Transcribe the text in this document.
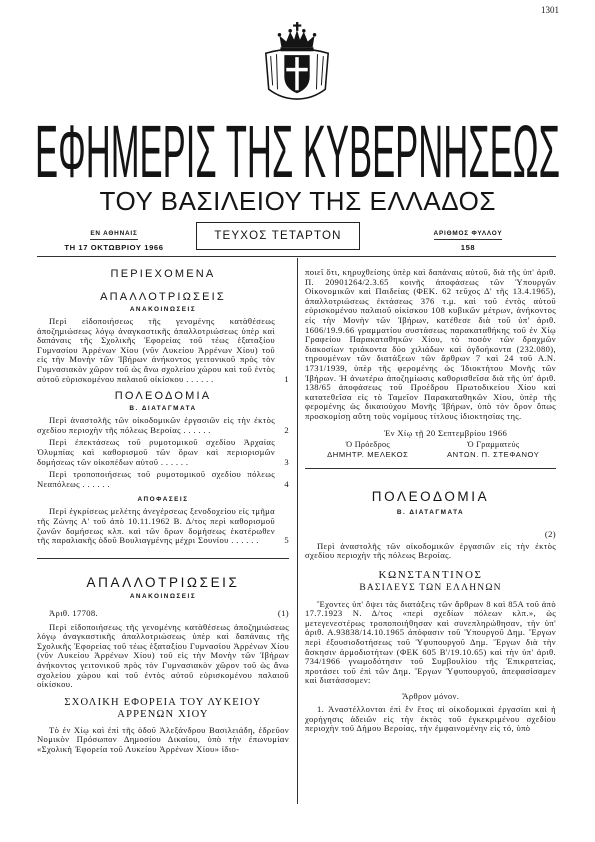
1301
ΕΦΗΜΕΡΙΣ ΤΗΣ ΚΥΒΕΡΝΗΣΕΩΣ
ΤΟΥ ΒΑΣΙΛΕΙΟΥ ΤΗΣ ΕΛΛΑΔΟΣ
ΕΝ ΑΘΗΝΑΙΣ
ΤΗ 17 ΟΚΤΩΒΡΙΟΥ 1966
ΤΕΥΧΟΣ ΤΕΤΑΡΤΟΝ	ΑΡΙΘΜΟΣ ΦΥΛΛΟΥ
158
ΠΕΡΙΕΧΟΜΕΝΑ
ΑΠΑΛΛΟΤΡΙΩΣΕΙΣ
ΑΝΑΚΟΙΝΩΣΕΙΣ
Περὶ εἰδοποιήσεως τῆς γενομένης κατὰθέσεως ἀποζημιώσεως λόγῳ ἀναγκαστικῆς ἀπαλλοτριώσεως ὑπὲρ καὶ δαπάναις τῆς Σχολικῆς Ἐφορείας τοῦ τέως ἑξαταξίου Γυμνασίου Ἀρρένων Χίου (νῦν Λυκείου Ἀρρένων Χίου) τοῦ εἰς τὴν Μονὴν τῶν Ἰβήρων ἀνήκοντος γειτονικοῦ πρὸς τὸν Γυμνασιακὸν χῶρον τοῦ ὡς ἄνω σχολείου χώρου καὶ τοῦ ἐντὸς αὐτοῦ εὑρισκομένου παλαιοῦ οἰκίσκου . . .	1
ΠΟΛΕΟΔΟΜΙΑ
Β. ΔΙΑΤΑΓΜΑΤΑ
Περὶ ἀναστολῆς τῶν οἰκοδομικῶν ἐργασιῶν εἰς τὴν ἐκτὸς σχεδίου περιοχὴν τῆς πόλεως Βεροίας . . .	2
Περὶ ἐπεκτάσεως τοῦ ρυμοτομικοῦ σχεδίου Ἀρχαίας Ὀλυμπίας καὶ καθορισμοῦ τῶν ὅρων καὶ περιορισμῶν δομήσεως τῶν οἰκοπέδων αὐτοῦ . . .	3
Περὶ τροποποιήσεως τοῦ ρυμοτομικοῦ σχεδίου πόλεως Νεαπόλεως . . .	4
ΑΠΟΦΑΣΕΙΣ
Περὶ ἐγκρίσεως μελέτης ἀνεγέρσεως ξενοδοχείου εἰς τμῆμα τῆς Ζώνης Α' τοῦ ἀπὸ 10.11.1962 Β. Δ/τος περὶ καθορισμοῦ ζωνῶν δομήσεως κλπ. καὶ τῶν ὅρων δομήσεως ἑκατέρωθεν τῆς παραλιακῆς ὁδοῦ Βουλιαγμένης μέχρι Σουνίου . . .	5
ΑΠΑΛΛΟΤΡΙΩΣΕΙΣ
ΑΝΑΚΟΙΝΩΣΕΙΣ
Ἀριθ. 17708.	(1)

Περὶ εἰδοποιήσεως τῆς γενομένης κατὰθέσεως ἀποζημιώσεως λόγῳ ἀναγκαστικῆς ἀπαλλοτριώσεως ὑπὲρ καὶ δαπάναις τῆς Σχολικῆς Ἐφορείας τοῦ τέως ἑξαταξίου Γυμνασίου Ἀρρένων Χίου (νῦν Λυκείου Ἀρρένων Χίου) τοῦ εἰς τὴν Μονὴν τῶν Ἰβήρων ἀνήκοντος γειτονικοῦ πρὸς τὸν Γυμνασιακὸν χῶρον τοῦ ὡς ἄνω σχολείου χώρου καὶ τοῦ ἐντὸς αὐτοῦ εὑρισκομένου παλαιοῦ οἰκίσκου.

ΣΧΟΛΙΚΗ ΕΦΟΡΕΙΑ ΤΟΥ ΛΥΚΕΙΟΥ
ΑΡΡΕΝΩΝ ΧΙΟΥ

Τὸ ἐν Χίῳ καὶ ἐπὶ τῆς ὁδοῦ Ἀλεξάνδρου Βασιλειάδη, ἐδρεῦον Νομικὸν Πρόσωπον Δημοσίου Δικαίου, ὑπὸ τὴν ἐπωνυμίαν «Σχολικὴ Ἐφορεία τοῦ Λυκείου Ἀρρένων Χίου» ἰδιο-

ποιεῖ ὅτι, κηρυχθείσης ὑπὲρ καὶ δαπάναις αὐτοῦ, διὰ τῆς ὑπ' ἀριθ. Π. 20901264/2.3.65 κοινῆς ἀποφάσεως τῶν Ὑπουργῶν Οἰκονομικῶν καὶ Παιδείας (ΦΕΚ. 62 τεῦχος Δ' τῆς 13.4.1965), ἀπαλλοτριώσεως ἐκτάσεως 376 τ.μ. καὶ τοῦ ἐντὸς αὐτοῦ εὑρισκομένου παλαιοῦ οἰκίσκου 108 κυβικῶν μέτρων, ἀνήκοντος εἰς τὴν Μονὴν τῶν Ἰβήρων, κατέθεσε διὰ τοῦ ὑπ' ἀριθ. 1606/19.9.66 γραμματίου συστάσεως παρακαταθήκης τοῦ ἐν Χίῳ Γραφείου Παρακαταθηκῶν Χίου, τὸ ποσὸν τῶν δραχμῶν διακοσίων τριάκοντα δύο χιλιάδων καὶ ὀγδοήκοντα (232.080), τηρουμένων τῶν διατάξεων τῶν ἄρθρων 7 καὶ 24 τοῦ Α.Ν. 1731/1939, ὑπὲρ τῆς φερομένης ὡς Ἰδιοκτήτου Μονῆς τῶν Ἰβήρων. Ἡ ἀνωτέρω ἀποζημίωσις καθορισθεῖσα διὰ τῆς ὑπ' ἀριθ. 138/65 ἀποφάσεως τοῦ Προέδρου Πρωτοδικείου Χίου καὶ κατατεθεῖσα εἰς τὸ Ταμεῖον Παρακαταθηκῶν Χίου, ὑπὲρ τῆς φερομένης ὡς δικαιούχου Μονῆς Ἰβήρων, ὑπὸ τὸν ὅρον ὅπως προσκομίσῃ αὕτη τοὺς νομίμους τίτλους ἰδιοκτησίας της.

Ἐν Χίῳ τῇ 20 Σεπτεμβρίου 1966
Ὁ Πρόεδρος
ΔΗΜΗΤΡ. ΜΕΛΕΚΟΣ
Ὁ Γραμματεύς
ΑΝΤΩΝ. Π. ΣΤΕΦΑΝΟΥ
ΠΟΛΕΟΔΟΜΙΑ
Β. ΔΙΑΤΑΓΜΑΤΑ
(2)

Περὶ ἀναστολῆς τῶν οἰκοδομικῶν ἐργασιῶν εἰς τὴν ἐκτὸς σχεδίου περιοχὴν τῆς πόλεως Βεροίας.

ΚΩΝΣΤΑΝΤΙΝΟΣ
ΒΑΣΙΛΕΥΣ ΤΩΝ ΕΛΛΗΝΩΝ

Ἔχοντες ὑπ' ὄψει τὰς διατάξεις τῶν ἄρθρων 8 καὶ 85Α τοῦ ἀπὸ 17.7.1923 Ν. Δ/τος «περὶ σχεδίων πόλεων κλπ.», ὡς μετεγενεστέρως τροποποιήθησαν καὶ συνεπληρώθησαν, τὴν ὑπ' ἀριθ. Α.93838/14.10.1965 ἀπόφασιν τοῦ Ὑπουργοῦ Δημ. Ἔργων περὶ ἐξουσιοδοτήσεως τοῦ Ὑφυπουργοῦ Δημ. Ἔργων διὰ τὴν ἄσκησιν ἀρμοδιοτήτων (ΦΕΚ 605 Β'/19.10.65) καὶ τὴν ὑπ' ἀριθ. 734/1966 γνωμοδότησιν τοῦ Συμβουλίου τῆς Ἐπικρατείας, προτάσει τοῦ ἐπὶ τῶν Δημ. Ἔργων Ὑφυπουργοῦ, ἀπεφασίσαμεν καὶ διατάσσομεν:

Ἄρθρον μόνον.

1. Ἀναστέλλονται ἐπὶ ἓν ἔτος αἱ οἰκοδομικαὶ ἐργασίαι καὶ ἡ χορήγησις ἀδειῶν εἰς τὴν ἐκτὸς τοῦ ἐγκεκριμένου σχεδίου περιοχὴν τοῦ Δήμου Βεροίας, τὴν ἐμφαινομένην εἰς τό, ὑπὸ
